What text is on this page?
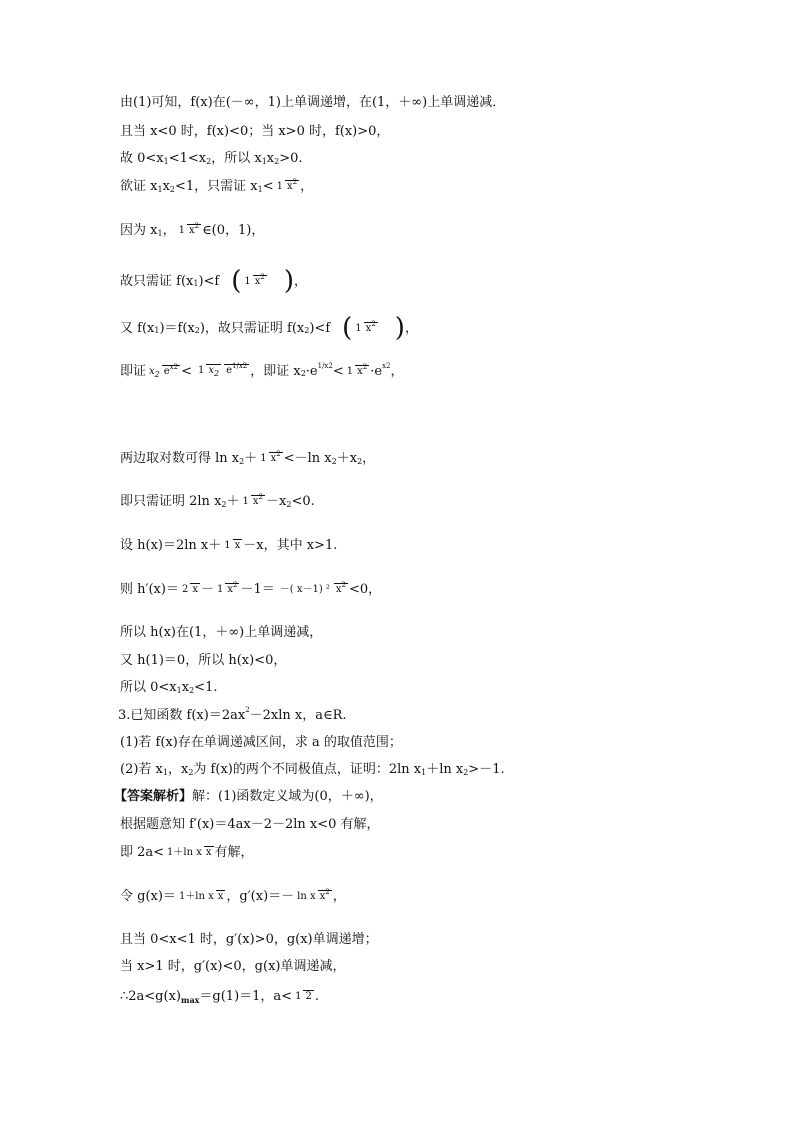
由(1)可知，f(x)在(－∞，1)上单调递增，在(1，＋∞)上单调递减．
且当 x<0 时，f(x)<0；当 x>0 时，f(x)>0，
故 0<x 1 <1<x 2 ，所以 x 1 x 2 >0.
欲证 x 1 x 2 <1，只需证 x 1 < 1 x2 ，
因为 x 1 ， 1 x2 ∈(0，1)，
故只需证 f(x 1 )<f ( 1 x2 ) ，
又 f(x 1 )＝f(x 2 )，故只需证明 f(x 2 )<f ( 1 x2 ) ，
即证 x2 ex2 < 1 x2 e1/x2 ，即证 x 2 ·e 1/x2 < 1 x2 ·e x2 ，
两边取对数可得 ln x 2 ＋ 1 x2 <－ln x 2 ＋x 2 ，
即只需证明 2ln x 2 ＋ 1 x2 －x 2 <0.
设 h(x)＝2ln x＋ 1 x －x，其中 x>1.
则 h′(x)＝ 2 x － 1 x2 －1＝ －( x－1) ² x2 <0，
所以 h(x)在(1，＋∞)上单调递减，
又 h(1)＝0，所以 h(x)<0，
所以 0<x 1 x 2 <1.
3.已知函数 f(x)＝2ax 2 －2xln x，a∈R.
(1)若 f(x)存在单调递减区间，求 a 的取值范围；
(2)若 x 1 ，x 2 为 f(x)的两个不同极值点，证明：2ln x 1 ＋ln x 2 >－1.
【答案解析】 解：(1)函数定义域为(0，＋∞)，
根据题意知 f′(x)＝4ax－2－2ln x<0 有解，
即 2a< 1＋ln x x 有解，
令 g(x)＝ 1＋ln x x ，g′(x)＝－ ln x x2 ，
且当 0<x<1 时，g′(x)>0，g(x)单调递增；
当 x>1 时，g′(x)<0，g(x)单调递减，
∴2a<g(x) max ＝g(1)＝1，a< 1 2 .
